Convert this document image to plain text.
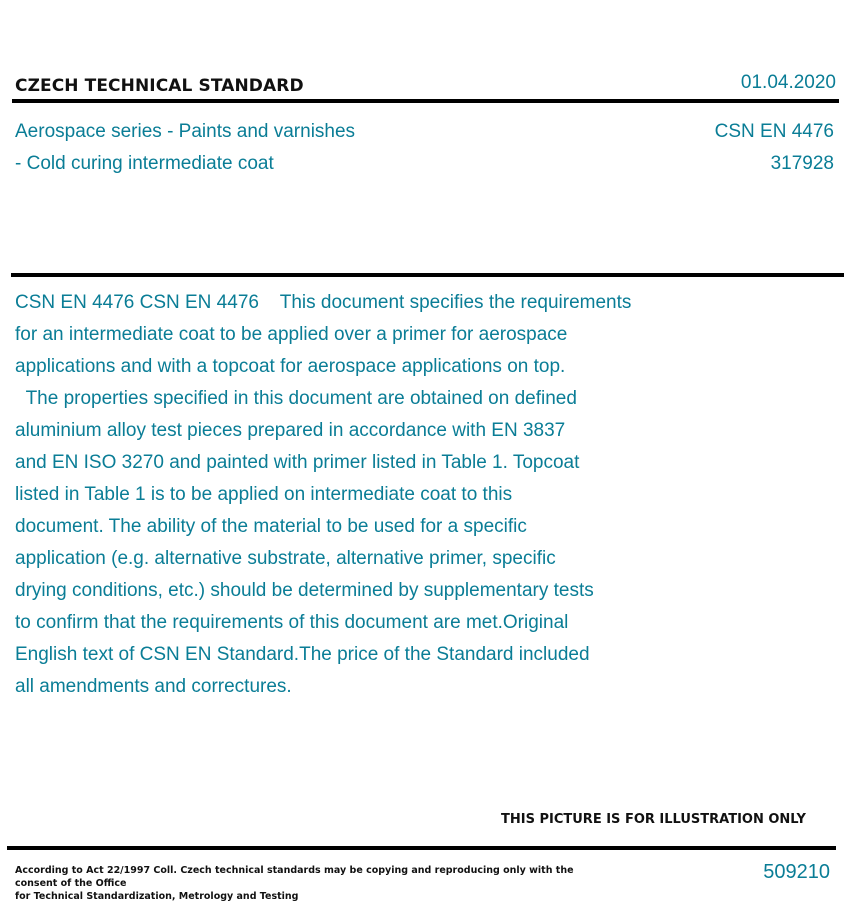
CZECH TECHNICAL STANDARD	01.04.2020
Aerospace series - Paints and varnishes
- Cold curing intermediate coat
CSN EN 4476
317928
CSN EN 4476 CSN EN 4476    This document specifies the requirements
for an intermediate coat to be applied over a primer for aerospace
applications and with a topcoat for aerospace applications on top.
The properties specified in this document are obtained on defined
aluminium alloy test pieces prepared in accordance with EN 3837
and EN ISO 3270 and painted with primer listed in Table 1. Topcoat
listed in Table 1 is to be applied on intermediate coat to this
document. The ability of the material to be used for a specific
application (e.g. alternative substrate, alternative primer, specific
drying conditions, etc.) should be determined by supplementary tests
to confirm that the requirements of this document are met.Original
English text of CSN EN Standard.The price of the Standard included
all amendments and correctures.
THIS PICTURE IS FOR ILLUSTRATION ONLY
According to Act 22/1997 Coll. Czech technical standards may be copying and reproducing only with the consent of the Office
for Technical Standardization, Metrology and Testing
509210
